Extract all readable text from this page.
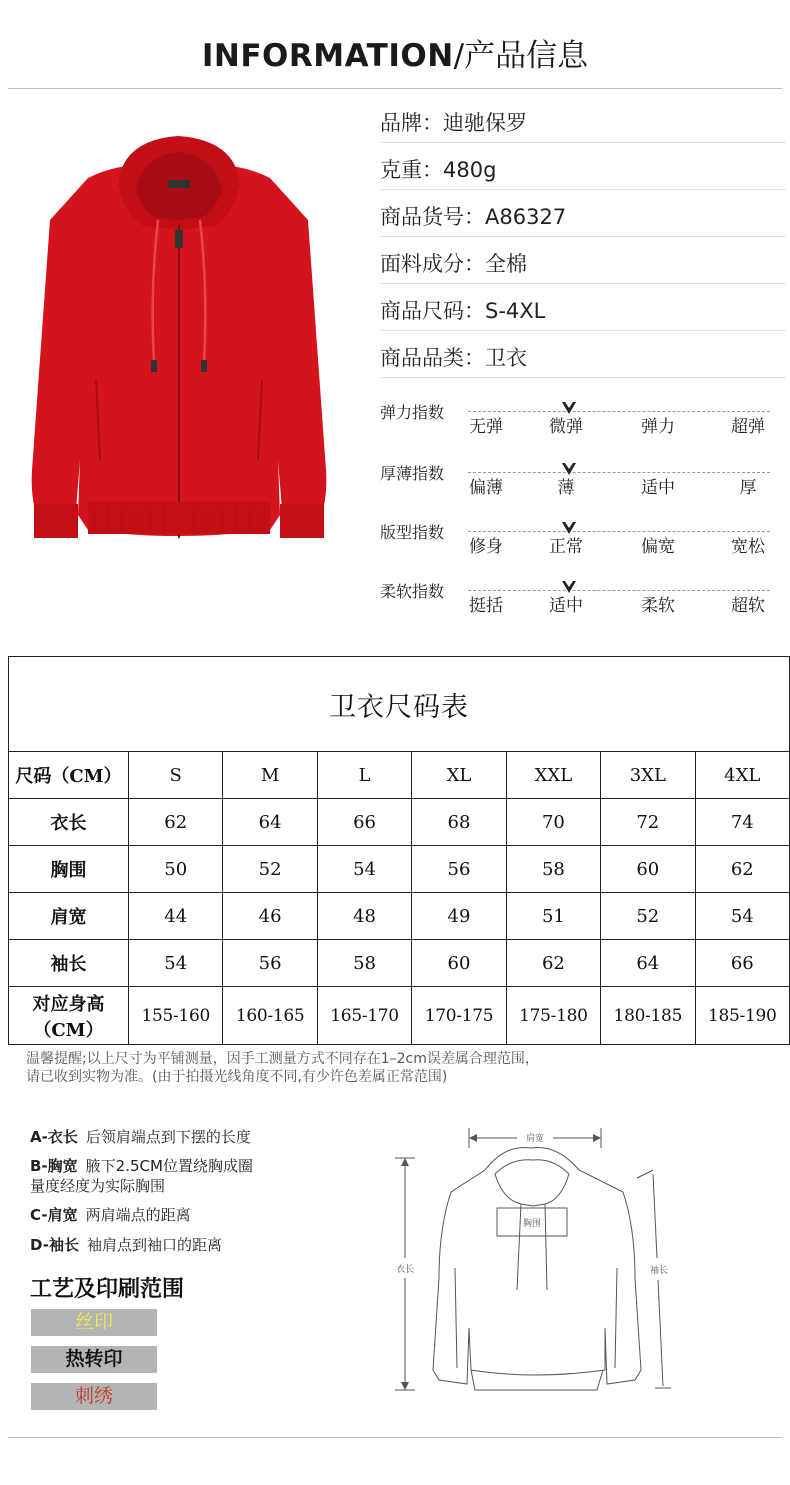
INFORMATION/产品信息
品牌：迪驰保罗
克重：480g
商品货号：A86327
面料成分：全棉
商品尺码：S-4XL
商品品类：卫衣
弹力指数
无弹	微弹	弹力	超弹
厚薄指数
偏薄	薄	适中	厚
版型指数
修身	正常	偏宽	宽松
柔软指数
挺括	适中	柔软	超软
卫衣尺码表							
尺码（CM）	S	M	L	XL	XXL	3XL	4XL
衣长	62	64	66	68	70	72	74
胸围	50	52	54	56	58	60	62
肩宽	44	46	48	49	51	52	54
袖长	54	56	58	60	62	64	66
对应身高
（CM）	155-160	160-165	165-170	170-175	175-180	180-185	185-190
温馨提醒;以上尺寸为平铺测量，因手工测量方式不同存在1–2cm误差属合理范围，
请已收到实物为准。(由于拍摄光线角度不同,有少许色差属正常范围)
A-衣长 后领肩端点到下摆的长度
B-胸宽 腋下2.5CM位置绕胸成圈
量度经度为实际胸围
C-肩宽 两肩端点的距离
D-袖长 袖肩点到袖口的距离
工艺及印刷范围
丝印
热转印
刺绣
肩宽
胸围
衣长	袖长
